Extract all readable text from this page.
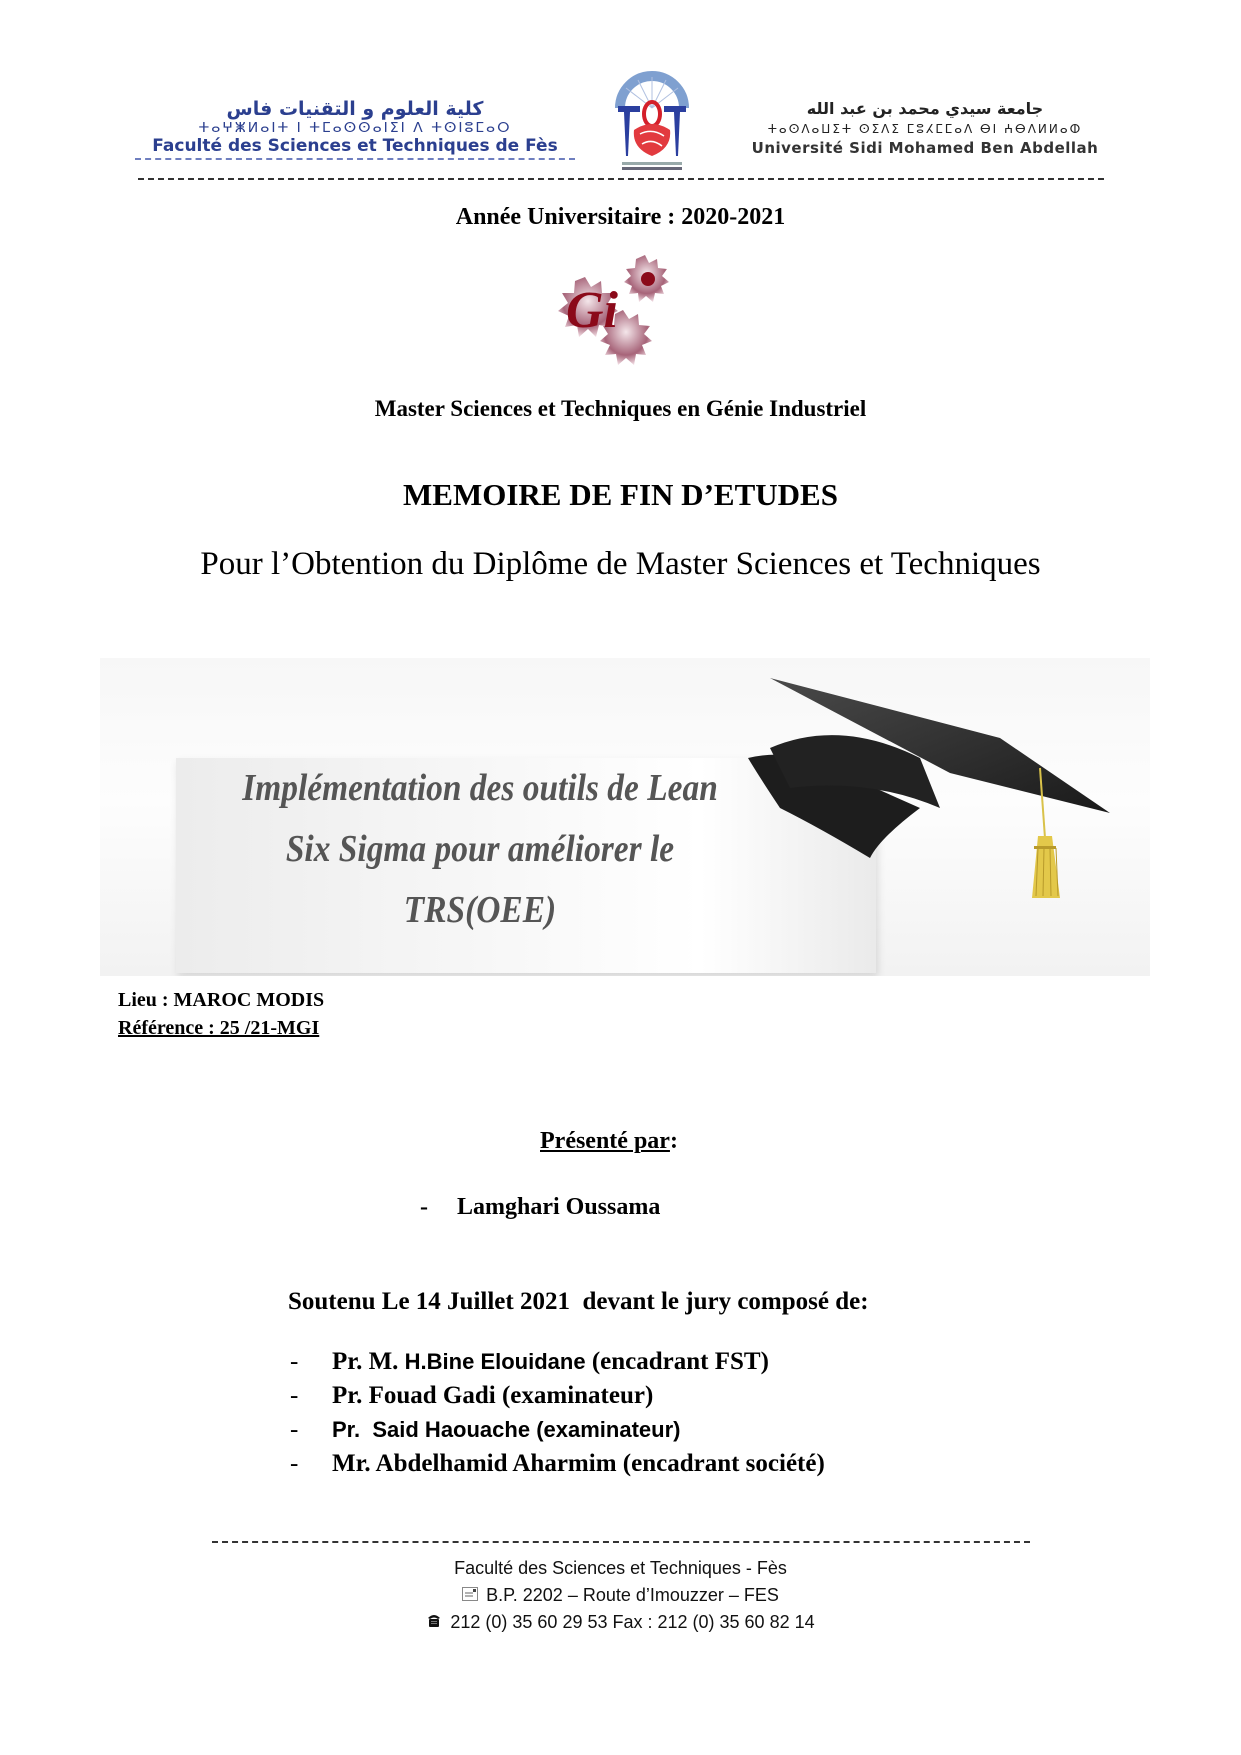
كلية العلوم و التقنيات فاس
ⵜⴰⵖⵥⵍⴰⵏⵜ ⵏ ⵜⵎⴰⵙⵙⴰⵏⵉⵏ ⴷ ⵜⵙⵏⵓⵎⴰⵔ
Faculté des Sciences et Techniques de Fès
جامعة سيدي محمد بن عبد الله
ⵜⴰⵙⴷⴰⵡⵉⵜ ⵙⵉⴷⵉ ⵎⵓⵃⵎⵎⴰⴷ ⴱⵏ ⵄⴱⴷⵍⵍⴰⵀ
Université Sidi Mohamed Ben Abdellah
Année Universitaire : 2020-2021
Gi
Master Sciences et Techniques en Génie Industriel
MEMOIRE DE FIN D’ETUDES
Pour l’Obtention du Diplôme de Master Sciences et Techniques
Implémentation des outils de Lean
Six Sigma pour améliorer le
TRS(OEE)
Lieu : MAROC MODIS
Référence : 25 /21-MGI
Présenté par:
- Lamghari Oussama
Soutenu Le 14 Juillet 2021  devant le jury composé de:
-	Pr. M. H.Bine Elouidane (encadrant FST)
-	Pr. Fouad Gadi (examinateur)
-	Pr.  Said Haouache (examinateur)
-	Mr. Abdelhamid Aharmim (encadrant société)
Faculté des Sciences et Techniques - Fès
B.P. 2202 – Route d’Imouzzer – FES
212 (0) 35 60 29 53 Fax : 212 (0) 35 60 82 14
